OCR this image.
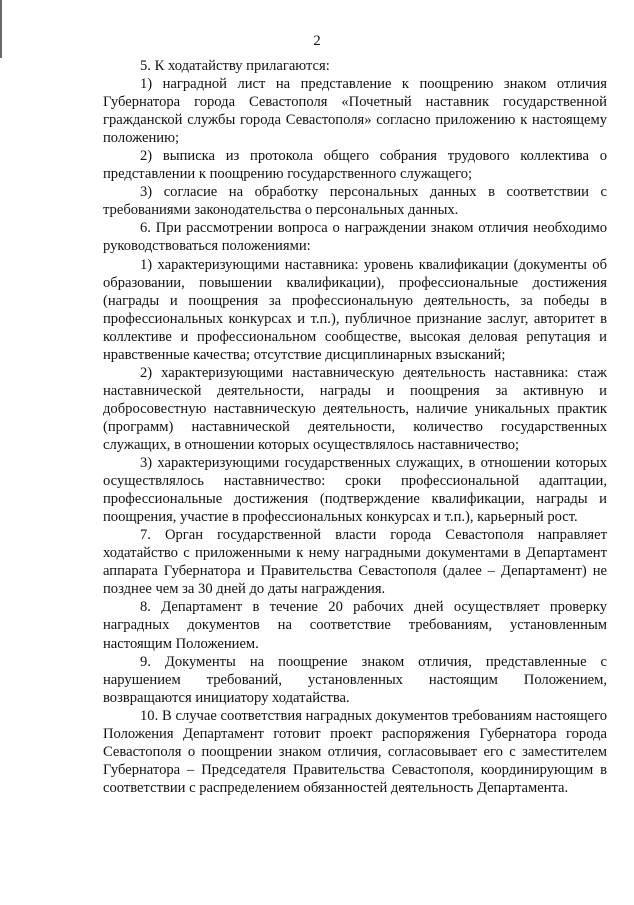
2

5. К ходатайству прилагаются:

1) наградной лист на представление к поощрению знаком отличия Губернатора города Севастополя «Почетный наставник государственной гражданской службы города Севастополя» согласно приложению к настоящему положению;

2) выписка из протокола общего собрания трудового коллектива о представлении к поощрению государственного служащего;

3) согласие на обработку персональных данных в соответствии с требованиями законодательства о персональных данных.

6. При рассмотрении вопроса о награждении знаком отличия необходимо руководствоваться положениями:

1) характеризующими наставника: уровень квалификации (документы об образовании, повышении квалификации), профессиональные достижения (награды и поощрения за профессиональную деятельность, за победы в профессиональных конкурсах и т.п.), публичное признание заслуг, авторитет в коллективе и профессиональном сообществе, высокая деловая репутация и нравственные качества; отсутствие дисциплинарных взысканий;

2) характеризующими наставническую деятельность наставника: стаж наставнической деятельности, награды и поощрения за активную и добросовестную наставническую деятельность, наличие уникальных практик (программ) наставнической деятельности, количество государственных служащих, в отношении которых осуществлялось наставничество;

3) характеризующими государственных служащих, в отношении которых осуществлялось наставничество: сроки профессиональной адаптации, профессиональные достижения (подтверждение квалификации, награды и поощрения, участие в профессиональных конкурсах и т.п.), карьерный рост.

7. Орган государственной власти города Севастополя направляет ходатайство с приложенными к нему наградными документами в Департамент аппарата Губернатора и Правительства Севастополя (далее – Департамент) не позднее чем за 30 дней до даты награждения.

8. Департамент в течение 20 рабочих дней осуществляет проверку наградных документов на соответствие требованиям, установленным настоящим Положением.

9. Документы на поощрение знаком отличия, представленные с нарушением требований, установленных настоящим Положением, возвращаются инициатору ходатайства.

10. В случае соответствия наградных документов требованиям настоящего Положения Департамент готовит проект распоряжения Губернатора города Севастополя о поощрении знаком отличия, согласовывает его с заместителем Губернатора – Председателя Правительства Севастополя, координирующим в соответствии с распределением обязанностей деятельность Департамента.
